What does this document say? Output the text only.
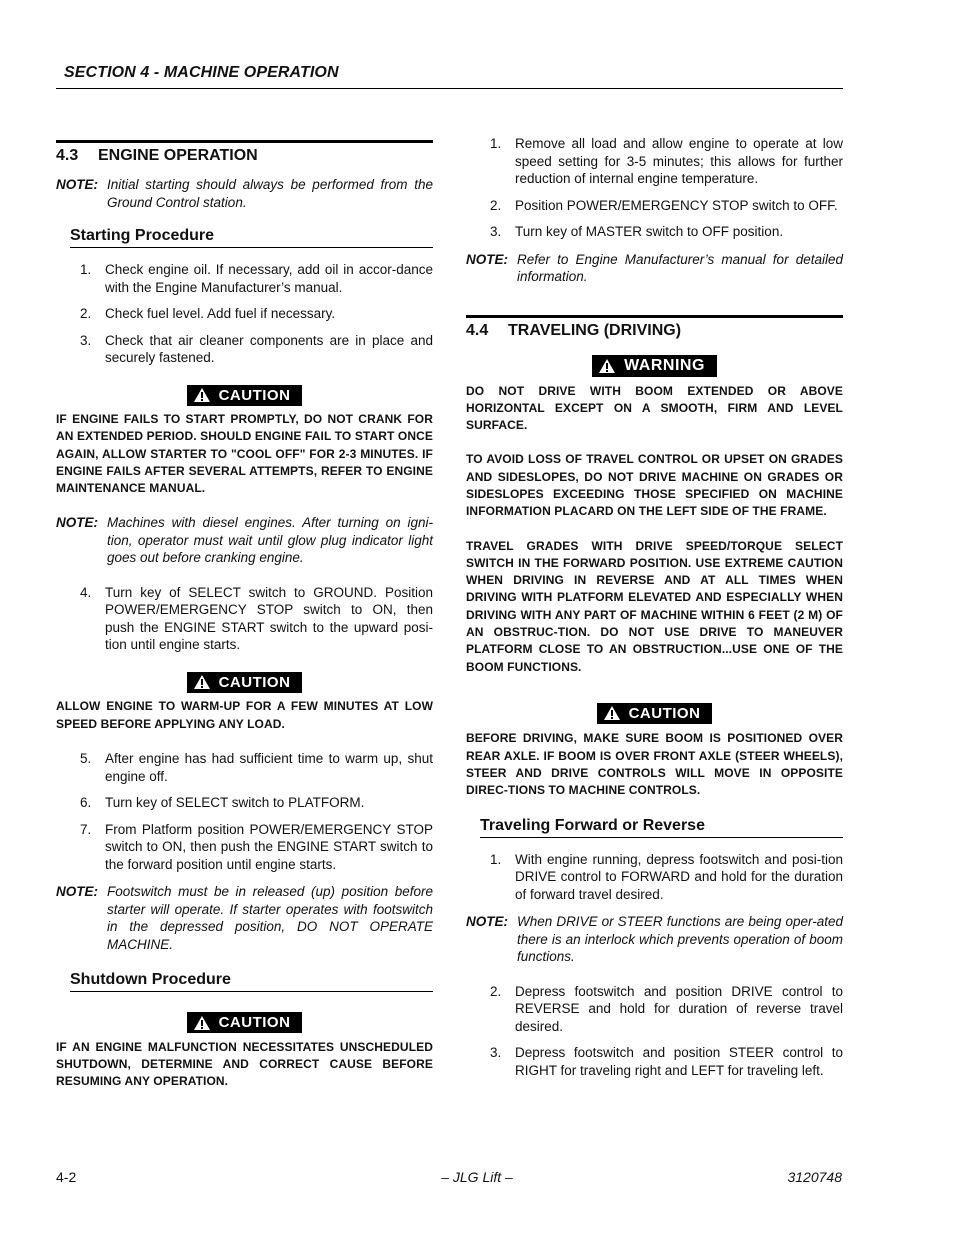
SECTION 4 - MACHINE OPERATION
4.3	ENGINE OPERATION
NOTE: Initial starting should always be performed from the Ground Control station.
Starting Procedure
1.	Check engine oil. If necessary, add oil in accor-dance with the Engine Manufacturer’s manual.
2.	Check fuel level. Add fuel if necessary.
3.	Check that air cleaner components are in place and securely fastened.
CAUTION
IF ENGINE FAILS TO START PROMPTLY, DO NOT CRANK FOR AN EXTENDED PERIOD. SHOULD ENGINE FAIL TO START ONCE AGAIN, ALLOW STARTER TO "COOL OFF" FOR 2-3 MINUTES. IF ENGINE FAILS AFTER SEVERAL ATTEMPTS, REFER TO ENGINE MAINTENANCE MANUAL.
NOTE: Machines with diesel engines. After turning on igni-tion, operator must wait until glow plug indicator light goes out before cranking engine.
4.	Turn key of SELECT switch to GROUND. Position POWER/EMERGENCY STOP switch to ON, then push the ENGINE START switch to the upward posi-tion until engine starts.
CAUTION
ALLOW ENGINE TO WARM-UP FOR A FEW MINUTES AT LOW SPEED BEFORE APPLYING ANY LOAD.
5.	After engine has had sufficient time to warm up, shut engine off.
6.	Turn key of SELECT switch to PLATFORM.
7.	From Platform position POWER/EMERGENCY STOP switch to ON, then push the ENGINE START switch to the forward position until engine starts.
NOTE: Footswitch must be in released (up) position before starter will operate. If starter operates with footswitch in the depressed position, DO NOT OPERATE MACHINE.
Shutdown Procedure
CAUTION
IF AN ENGINE MALFUNCTION NECESSITATES UNSCHEDULED SHUTDOWN, DETERMINE AND CORRECT CAUSE BEFORE RESUMING ANY OPERATION.
1.	Remove all load and allow engine to operate at low speed setting for 3-5 minutes; this allows for further reduction of internal engine temperature.
2.	Position POWER/EMERGENCY STOP switch to OFF.
3.	Turn key of MASTER switch to OFF position.
NOTE: Refer to Engine Manufacturer’s manual for detailed information.
4.4	TRAVELING (DRIVING)
WARNING
DO NOT DRIVE WITH BOOM EXTENDED OR ABOVE HORIZONTAL EXCEPT ON A SMOOTH, FIRM AND LEVEL SURFACE.
TO AVOID LOSS OF TRAVEL CONTROL OR UPSET ON GRADES AND SIDESLOPES, DO NOT DRIVE MACHINE ON GRADES OR SIDESLOPES EXCEEDING THOSE SPECIFIED ON MACHINE INFORMATION PLACARD ON THE LEFT SIDE OF THE FRAME.
TRAVEL GRADES WITH DRIVE SPEED/TORQUE SELECT SWITCH IN THE FORWARD POSITION. USE EXTREME CAUTION WHEN DRIVING IN REVERSE AND AT ALL TIMES WHEN DRIVING WITH PLATFORM ELEVATED AND ESPECIALLY WHEN DRIVING WITH ANY PART OF MACHINE WITHIN 6 FEET (2 M) OF AN OBSTRUC-TION. DO NOT USE DRIVE TO MANEUVER PLATFORM CLOSE TO AN OBSTRUCTION...USE ONE OF THE BOOM FUNCTIONS.
CAUTION
BEFORE DRIVING, MAKE SURE BOOM IS POSITIONED OVER REAR AXLE. IF BOOM IS OVER FRONT AXLE (STEER WHEELS), STEER AND DRIVE CONTROLS WILL MOVE IN OPPOSITE DIREC-TIONS TO MACHINE CONTROLS.
Traveling Forward or Reverse
1.	With engine running, depress footswitch and posi-tion DRIVE control to FORWARD and hold for the duration of forward travel desired.
NOTE: When DRIVE or STEER functions are being oper-ated there is an interlock which prevents operation of boom functions.
2.	Depress footswitch and position DRIVE control to REVERSE and hold for duration of reverse travel desired.
3.	Depress footswitch and position STEER control to RIGHT for traveling right and LEFT for traveling left.
4-2	– JLG Lift –	3120748
